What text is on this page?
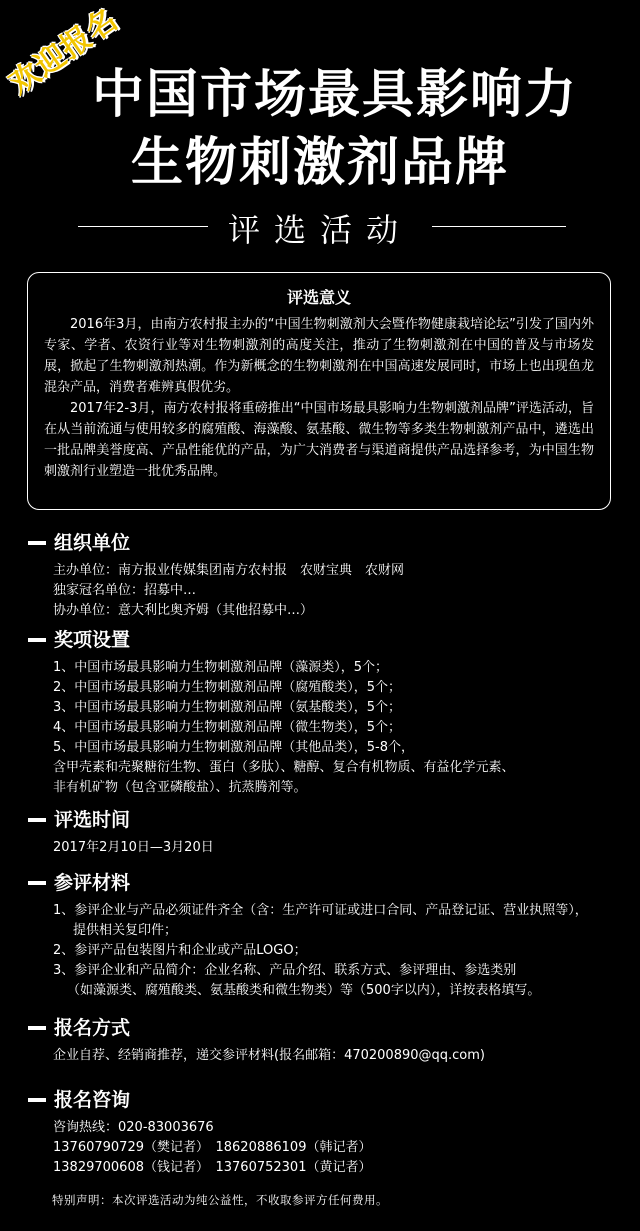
欢迎报名
中国市场最具影响力
生物刺激剂品牌
评选活动
评选意义

2016年3月，由南方农村报主办的“中国生物刺激剂大会暨作物健康栽培论坛”引发了国内外专家、学者、农资行业等对生物刺激剂的高度关注，推动了生物刺激剂在中国的普及与市场发展，掀起了生物刺激剂热潮。作为新概念的生物刺激剂在中国高速发展同时，市场上也出现鱼龙混杂产品，消费者难辨真假优劣。

2017年2-3月，南方农村报将重磅推出“中国市场最具影响力生物刺激剂品牌”评选活动，旨在从当前流通与使用较多的腐殖酸、海藻酸、氨基酸、微生物等多类生物刺激剂产品中，遴选出一批品牌美誉度高、产品性能优的产品，为广大消费者与渠道商提供产品选择参考，为中国生物刺激剂行业塑造一批优秀品牌。

组织单位
主办单位：南方报业传媒集团南方农村报　农财宝典　农财网
独家冠名单位：招募中…
协办单位：意大利比奥齐姆（其他招募中…）
奖项设置
1、中国市场最具影响力生物刺激剂品牌（藻源类），5个；
2、中国市场最具影响力生物刺激剂品牌（腐殖酸类），5个；
3、中国市场最具影响力生物刺激剂品牌（氨基酸类），5个；
4、中国市场最具影响力生物刺激剂品牌（微生物类），5个；
5、中国市场最具影响力生物刺激剂品牌（其他品类），5-8个，
含甲壳素和壳聚糖衍生物、蛋白（多肽）、糖醇、复合有机物质、有益化学元素、
非有机矿物（包含亚磷酸盐）、抗蒸腾剂等。
评选时间
2017年2月10日—3月20日
参评材料
1、参评企业与产品必须证件齐全（含：生产许可证或进口合同、产品登记证、营业执照等），
提供相关复印件；
2、参评产品包装图片和企业或产品LOGO；
3、参评企业和产品简介：企业名称、产品介绍、联系方式、参评理由、参选类别
（如藻源类、腐殖酸类、氨基酸类和微生物类）等（500字以内），详按表格填写。
报名方式
企业自荐、经销商推荐，递交参评材料(报名邮箱：470200890@qq.com)
报名咨询
咨询热线：020-83003676
13760790729（樊记者）　18620886109（韩记者）
13829700608（钱记者）　13760752301（黄记者）
特别声明：本次评选活动为纯公益性，不收取参评方任何费用。
